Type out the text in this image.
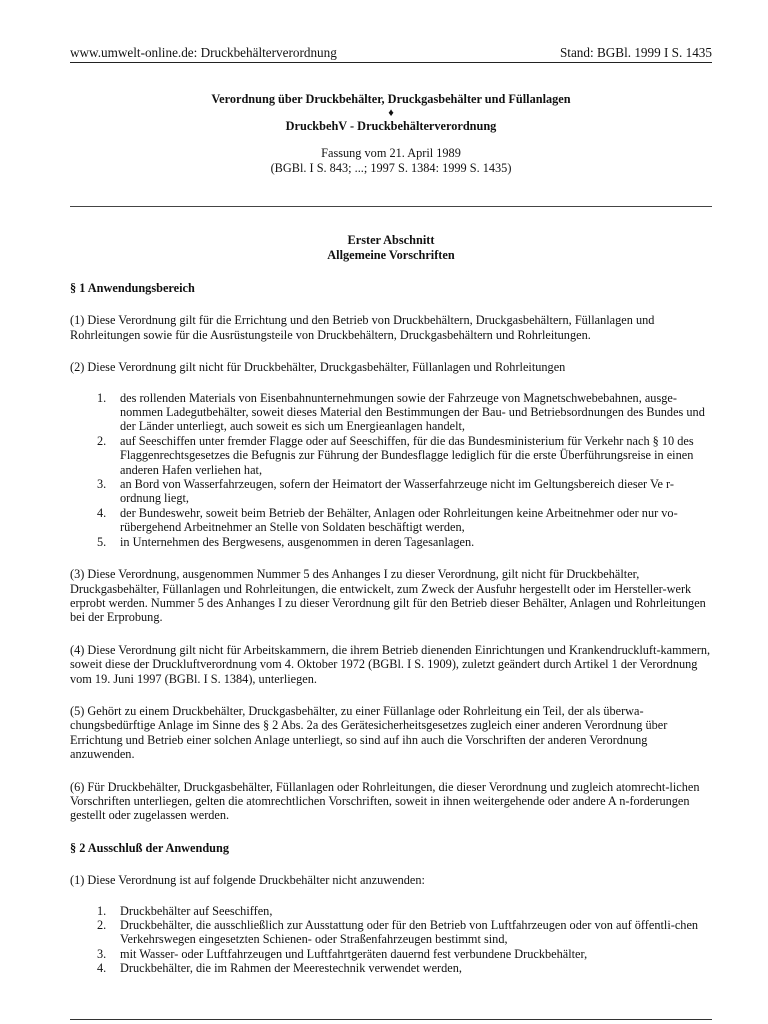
www.umwelt-online.de: Druckbehälterverordnung	Stand: BGBl. 1999 I S. 1435
Verordnung über Druckbehälter, Druckgasbehälter und Füllanlagen
♦
DruckbehV - Druckbehälterverordnung
Fassung vom 21. April 1989
(BGBl. I S. 843; ...; 1997 S. 1384: 1999 S. 1435)
Erster Abschnitt
Allgemeine Vorschriften
§ 1 Anwendungsbereich

(1) Diese Verordnung gilt für die Errichtung und den Betrieb von Druckbehältern, Druckgasbehältern, Füllanlagen und Rohrleitungen sowie für die Ausrüstungsteile von Druckbehältern, Druckgasbehältern und Rohrleitungen.

(2) Diese Verordnung gilt nicht für Druckbehälter, Druckgasbehälter, Füllanlagen und Rohrleitungen

1. des rollenden Materials von Eisenbahnunternehmungen sowie der Fahrzeuge von Magnetschwebebahnen, ausge-nommen Ladegutbehälter, soweit dieses Material den Bestimmungen der Bau- und Betriebsordnungen des Bundes und der Länder unterliegt, auch soweit es sich um Energieanlagen handelt,
2. auf Seeschiffen unter fremder Flagge oder auf Seeschiffen, für die das Bundesministerium für Verkehr nach § 10 des Flaggenrechtsgesetzes die Befugnis zur Führung der Bundesflagge lediglich für die erste Überführungsreise in einen anderen Hafen verliehen hat,
3. an Bord von Wasserfahrzeugen, sofern der Heimatort der Wasserfahrzeuge nicht im Geltungsbereich dieser Ve r-ordnung liegt,
4. der Bundeswehr, soweit beim Betrieb der Behälter, Anlagen oder Rohrleitungen keine Arbeitnehmer oder nur vo-rübergehend Arbeitnehmer an Stelle von Soldaten beschäftigt werden,
5. in Unternehmen des Bergwesens, ausgenommen in deren Tagesanlagen.

(3) Diese Verordnung, ausgenommen Nummer 5 des Anhanges I zu dieser Verordnung, gilt nicht für Druckbehälter, Druckgasbehälter, Füllanlagen und Rohrleitungen, die entwickelt, zum Zweck der Ausfuhr hergestellt oder im Hersteller-werk erprobt werden. Nummer 5 des Anhanges I zu dieser Verordnung gilt für den Betrieb dieser Behälter, Anlagen und Rohrleitungen bei der Erprobung.

(4) Diese Verordnung gilt nicht für Arbeitskammern, die ihrem Betrieb dienenden Einrichtungen und Krankendruckluft-kammern, soweit diese der Druckluftverordnung vom 4. Oktober 1972 (BGBl. I S. 1909), zuletzt geändert durch Artikel 1 der Verordnung vom 19. Juni 1997 (BGBl. I S. 1384), unterliegen.

(5) Gehört zu einem Druckbehälter, Druckgasbehälter, zu einer Füllanlage oder Rohrleitung ein Teil, der als überwa-chungsbedürftige Anlage im Sinne des § 2 Abs. 2a des Gerätesicherheitsgesetzes zugleich einer anderen Verordnung über Errichtung und Betrieb einer solchen Anlage unterliegt, so sind auf ihn auch die Vorschriften der anderen Verordnung anzuwenden.

(6) Für Druckbehälter, Druckgasbehälter, Füllanlagen oder Rohrleitungen, die dieser Verordnung und zugleich atomrecht-lichen Vorschriften unterliegen, gelten die atomrechtlichen Vorschriften, soweit in ihnen weitergehende oder andere A n-forderungen gestellt oder zugelassen werden.

§ 2 Ausschluß der Anwendung

(1) Diese Verordnung ist auf folgende Druckbehälter nicht anzuwenden:

1. Druckbehälter auf Seeschiffen,
2. Druckbehälter, die ausschließlich zur Ausstattung oder für den Betrieb von Luftfahrzeugen oder von auf öffentli-chen Verkehrswegen eingesetzten Schienen- oder Straßenfahrzeugen bestimmt sind,
3. mit Wasser- oder Luftfahrzeugen und Luftfahrtgeräten dauernd fest verbundene Druckbehälter,
4. Druckbehälter, die im Rahmen der Meerestechnik verwendet werden,
